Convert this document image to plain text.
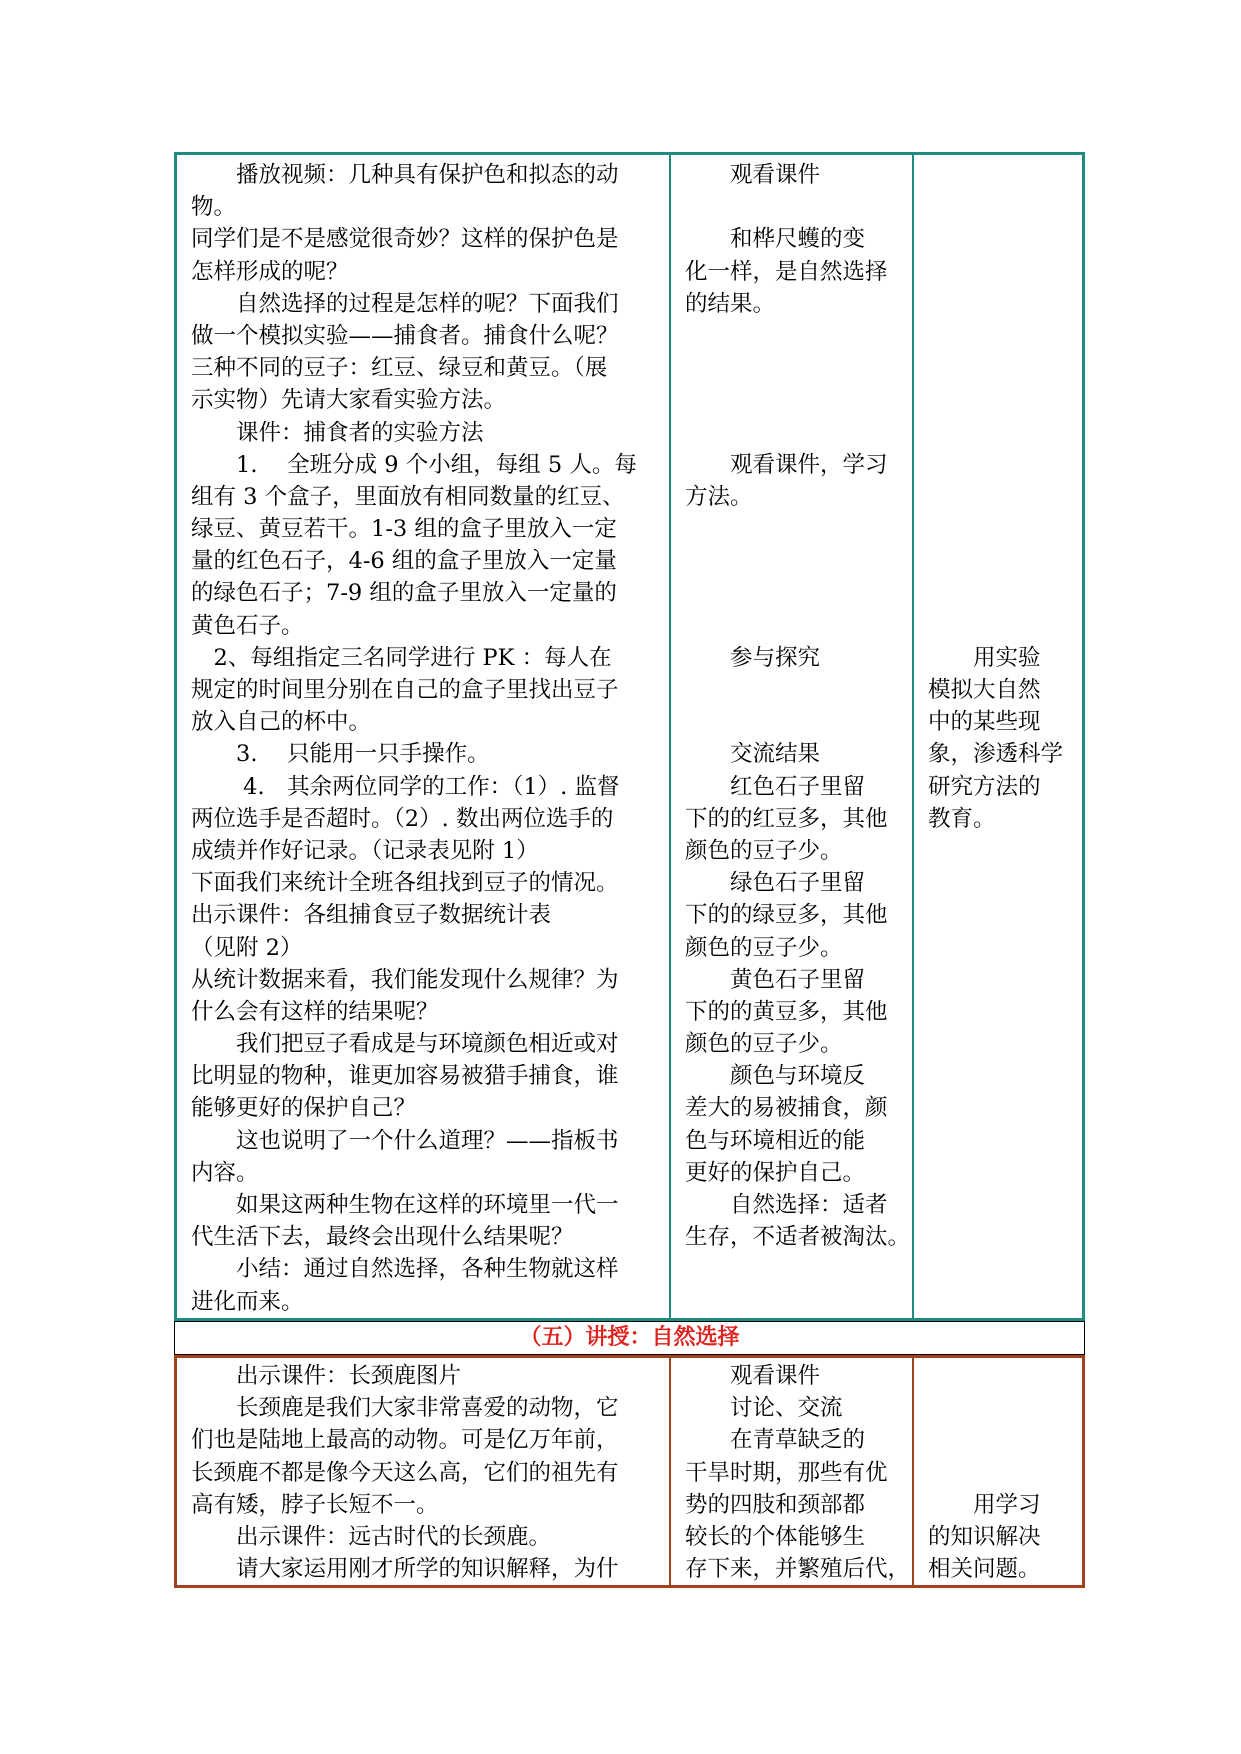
　　播放视频：几种具有保护色和拟态的动

物。

同学们是不是感觉很奇妙？这样的保护色是

怎样形成的呢？

　　自然选择的过程是怎样的呢？下面我们

做一个模拟实验——捕食者。捕食什么呢？

三种不同的豆子：红豆、绿豆和黄豆。（展

示实物）先请大家看实验方法。

　　课件：捕食者的实验方法

　　1.　 全班分成 9 个小组，每组 5 人。每

组有 3 个盒子，里面放有相同数量的红豆、

绿豆、黄豆若干。1-3 组的盒子里放入一定

量的红色石子，4-6 组的盒子里放入一定量

的绿色石子；7-9 组的盒子里放入一定量的

黄色石子。

　2、每组指定三名同学进行 PK ：每人在

规定的时间里分别在自己的盒子里找出豆子

放入自己的杯中。

　　3.　 只能用一只手操作。

　　 4.　其余两位同学的工作：（1）. 监督

两位选手是否超时。（2）. 数出两位选手的

成绩并作好记录。（记录表见附 1）

下面我们来统计全班各组找到豆子的情况。

出示课件：各组捕食豆子数据统计表

（见附 2）

从统计数据来看，我们能发现什么规律？为

什么会有这样的结果呢？

　　我们把豆子看成是与环境颜色相近或对

比明显的物种，谁更加容易被猎手捕食，谁

能够更好的保护自己？

　　这也说明了一个什么道理？——指板书

内容。

　　如果这两种生物在这样的环境里一代一

代生活下去，最终会出现什么结果呢？

　　小结：通过自然选择，各种生物就这样

进化而来。

　　观看课件

　　和桦尺蠖的变

化一样，是自然选择

的结果。

　　观看课件，学习

方法。

　　参与探究

　　交流结果

　　红色石子里留

下的的红豆多，其他

颜色的豆子少。

　　绿色石子里留

下的的绿豆多，其他

颜色的豆子少。

　　黄色石子里留

下的的黄豆多，其他

颜色的豆子少。

　　颜色与环境反

差大的易被捕食，颜

色与环境相近的能

更好的保护自己。

　　自然选择：适者

生存，不适者被淘汰。

　　用实验

模拟大自然

中的某些现

象，渗透科学

研究方法的

教育。

（五）讲授：自然选择

　　出示课件：长颈鹿图片

　　长颈鹿是我们大家非常喜爱的动物，它

们也是陆地上最高的动物。可是亿万年前，

长颈鹿不都是像今天这么高，它们的祖先有

高有矮，脖子长短不一。

　　出示课件：远古时代的长颈鹿。

　　请大家运用刚才所学的知识解释，为什

　　观看课件

　　讨论、交流

　　在青草缺乏的

干旱时期，那些有优

势的四肢和颈部都

较长的个体能够生

存下来，并繁殖后代，

　　用学习

的知识解决

相关问题。
